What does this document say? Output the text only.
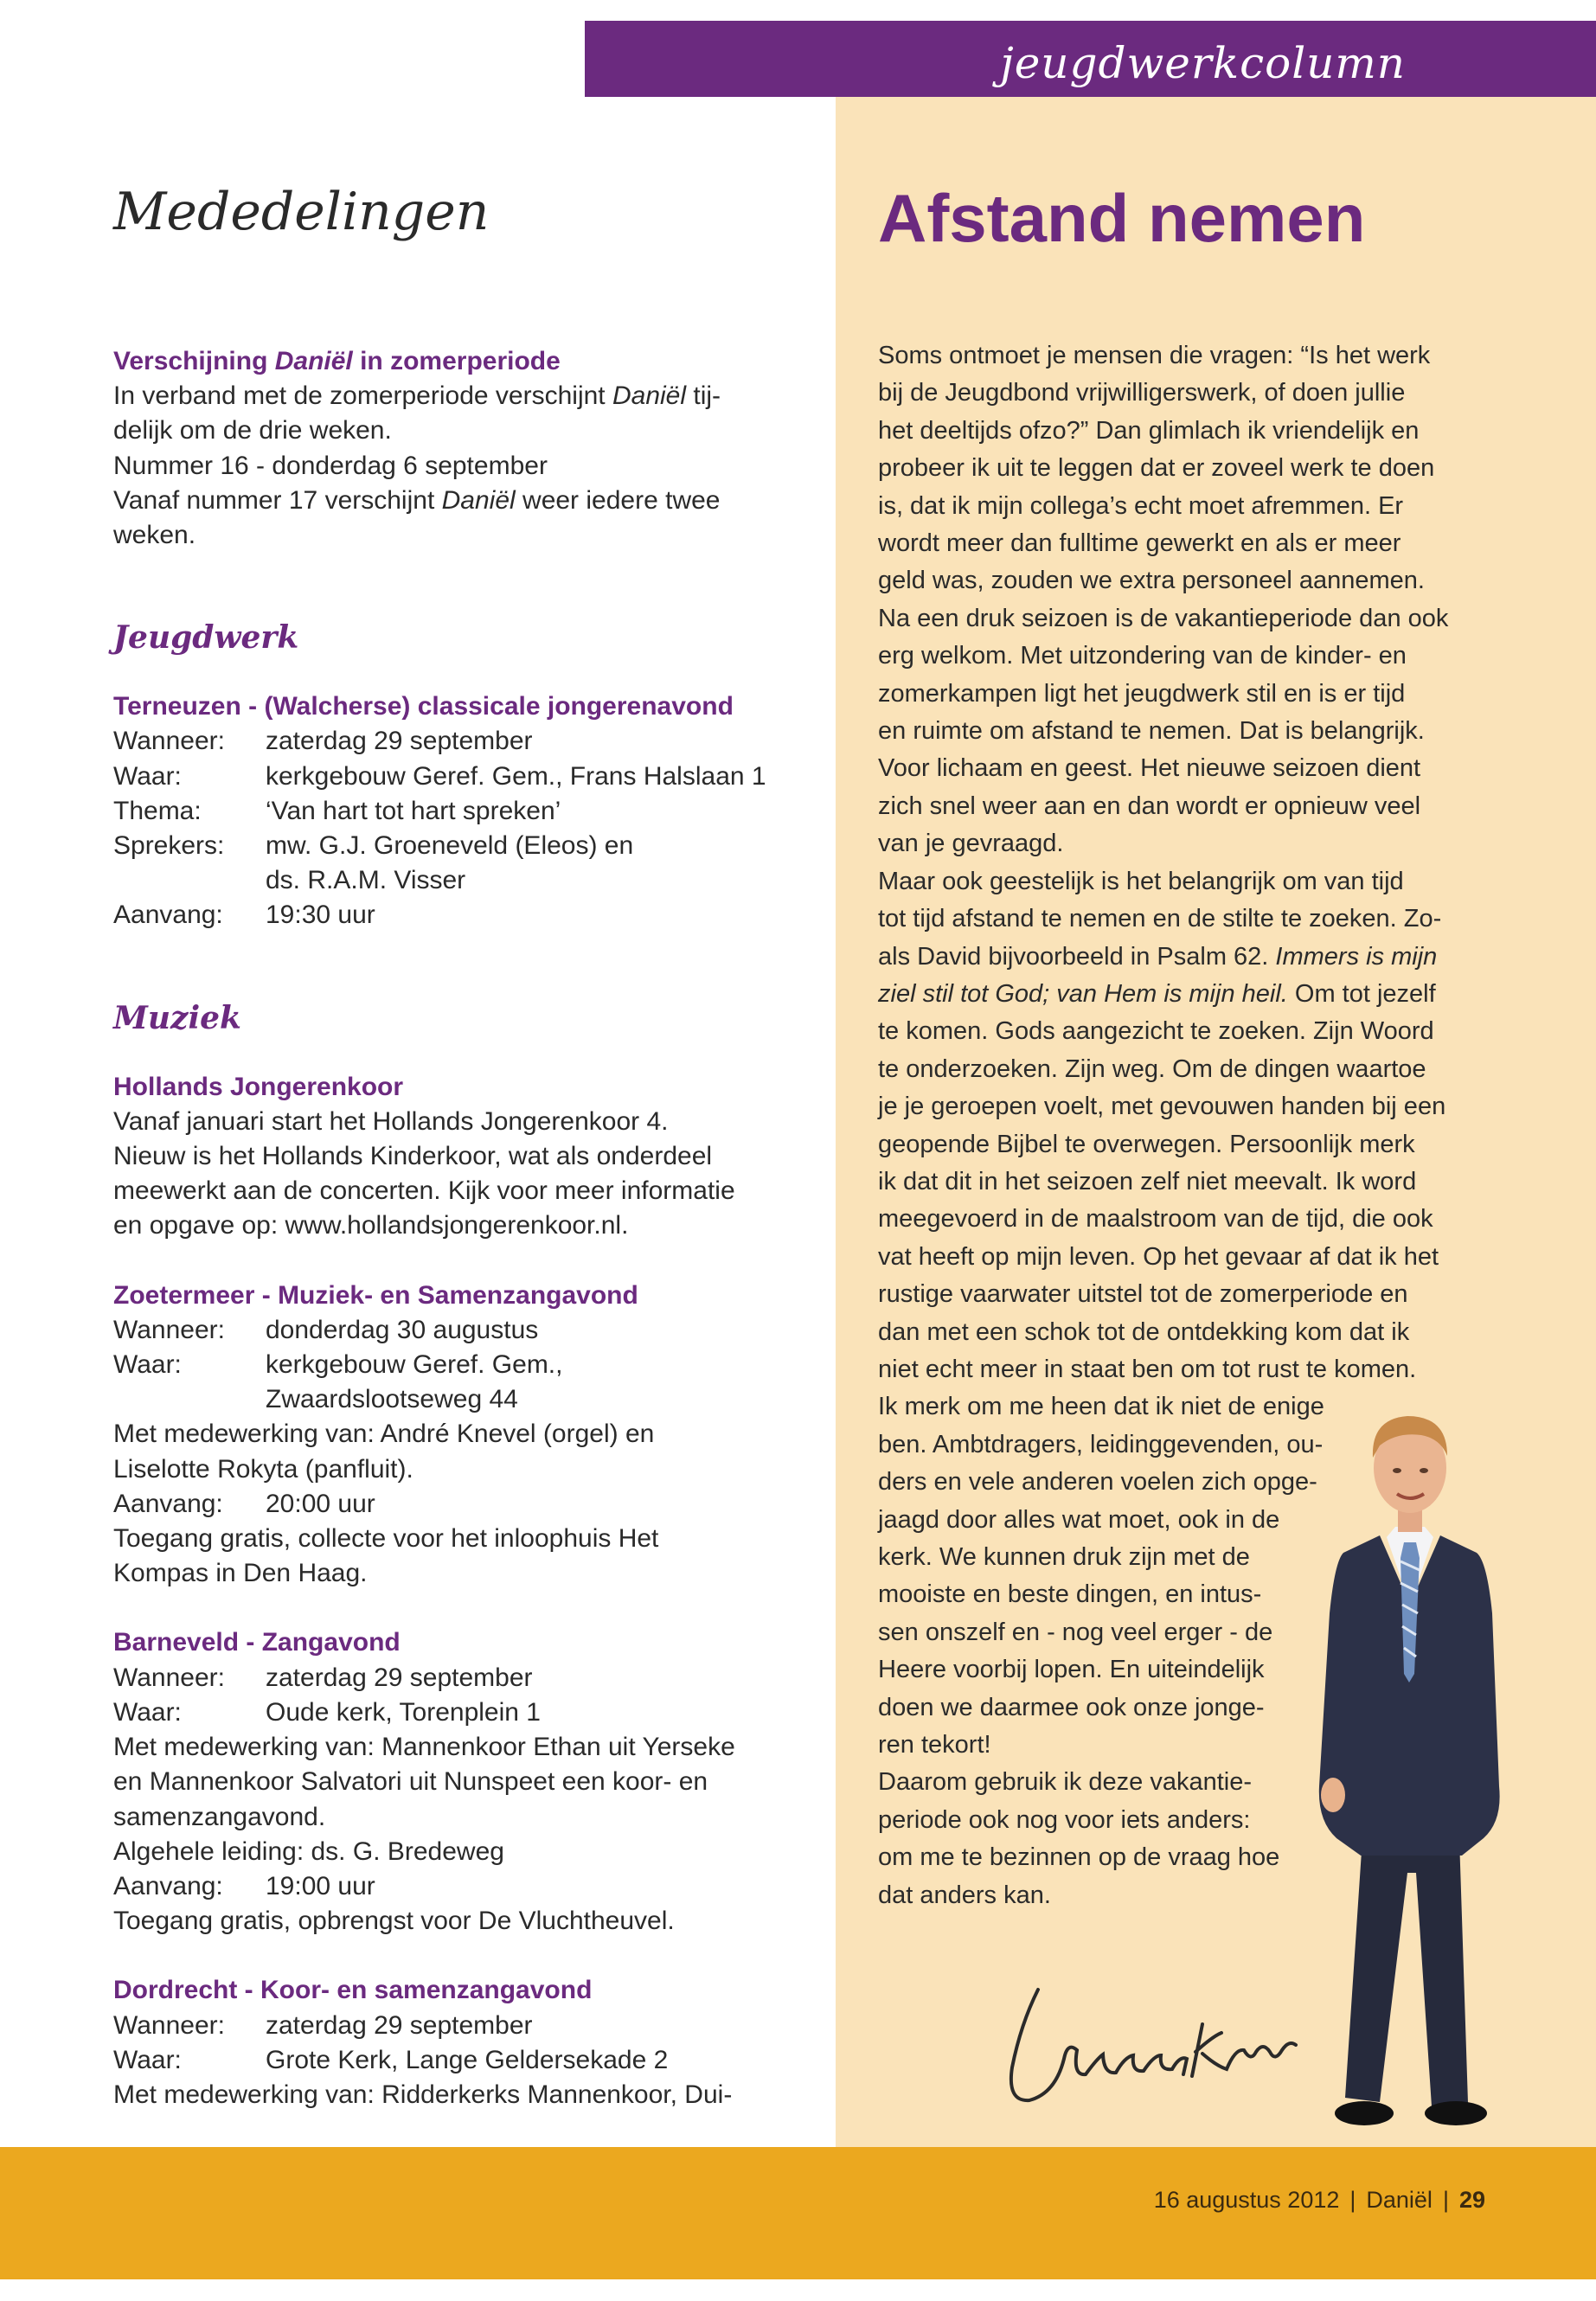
jeugdwerkcolumn
Mededelingen	Afstand nemen

Verschijning Daniël in zomerperiode

In verband met de zomerperiode verschijnt Daniël tij-

delijk om de drie weken.

Nummer 16 - donderdag 6 september

Vanaf nummer 17 verschijnt Daniël weer iedere twee

weken.

Jeugdwerk

Terneuzen - (Walcherse) classicale jongerenavond

Wanneer:	zaterdag 29 september
Waar:	kerkgebouw Geref. Gem., Frans Halslaan 1
Thema:	‘Van hart tot hart spreken’
Sprekers:	mw. G.J. Groeneveld (Eleos) en
ds. R.A.M. Visser
Aanvang:	19:30 uur

Muziek

Hollands Jongerenkoor

Vanaf januari start het Hollands Jongerenkoor 4.

Nieuw is het Hollands Kinderkoor, wat als onderdeel

meewerkt aan de concerten. Kijk voor meer informatie

en opgave op: www.hollandsjongerenkoor.nl.

Zoetermeer - Muziek- en Samenzangavond

Wanneer:	donderdag 30 augustus
Waar:	kerkgebouw Geref. Gem.,
Zwaardslootseweg 44

Met medewerking van: André Knevel (orgel) en

Liselotte Rokyta (panfluit).

Aanvang:	20:00 uur

Toegang gratis, collecte voor het inloophuis Het

Kompas in Den Haag.

Barneveld - Zangavond

Wanneer:	zaterdag 29 september
Waar:	Oude kerk, Torenplein 1

Met medewerking van: Mannenkoor Ethan uit Yerseke

en Mannenkoor Salvatori uit Nunspeet een koor- en

samenzangavond.

Algehele leiding: ds. G. Bredeweg

Aanvang:	19:00 uur

Toegang gratis, opbrengst voor De Vluchtheuvel.

Dordrecht - Koor- en samenzangavond

Wanneer:	zaterdag 29 september
Waar:	Grote Kerk, Lange Geldersekade 2

Met medewerking van: Ridderkerks Mannenkoor, Dui-

Soms ontmoet je mensen die vragen: “Is het werk
bij de Jeugdbond vrijwilligerswerk, of doen jullie
het deeltijds ofzo?” Dan glimlach ik vriendelijk en
probeer ik uit te leggen dat er zoveel werk te doen
is, dat ik mijn collega’s echt moet afremmen. Er
wordt meer dan fulltime gewerkt en als er meer
geld was, zouden we extra personeel aannemen.
Na een druk seizoen is de vakantieperiode dan ook
erg welkom. Met uitzondering van de kinder- en
zomerkampen ligt het jeugdwerk stil en is er tijd
en ruimte om afstand te nemen. Dat is belangrijk.
Voor lichaam en geest. Het nieuwe seizoen dient
zich snel weer aan en dan wordt er opnieuw veel
van je gevraagd.
Maar ook geestelijk is het belangrijk om van tijd
tot tijd afstand te nemen en de stilte te zoeken. Zo-
als David bijvoorbeeld in Psalm 62. Immers is mijn
ziel stil tot God; van Hem is mijn heil. Om tot jezelf
te komen. Gods aangezicht te zoeken. Zijn Woord
te onderzoeken. Zijn weg. Om de dingen waartoe
je je geroepen voelt, met gevouwen handen bij een
geopende Bijbel te overwegen. Persoonlijk merk
ik dat dit in het seizoen zelf niet meevalt. Ik word
meegevoerd in de maalstroom van de tijd, die ook
vat heeft op mijn leven. Op het gevaar af dat ik het
rustige vaarwater uitstel tot de zomerperiode en
dan met een schok tot de ontdekking kom dat ik
niet echt meer in staat ben om tot rust te komen.
Ik merk om me heen dat ik niet de enige
ben. Ambtdragers, leidinggevenden, ou-
ders en vele anderen voelen zich opge-
jaagd door alles wat moet, ook in de
kerk. We kunnen druk zijn met de
mooiste en beste dingen, en intus-
sen onszelf en - nog veel erger - de
Heere voorbij lopen. En uiteindelijk
doen we daarmee ook onze jonge-
ren tekort!
Daarom gebruik ik deze vakantie-
periode ook nog voor iets anders:
om me te bezinnen op de vraag hoe
dat anders kan.
16 augustus 2012 | Daniël | 29
